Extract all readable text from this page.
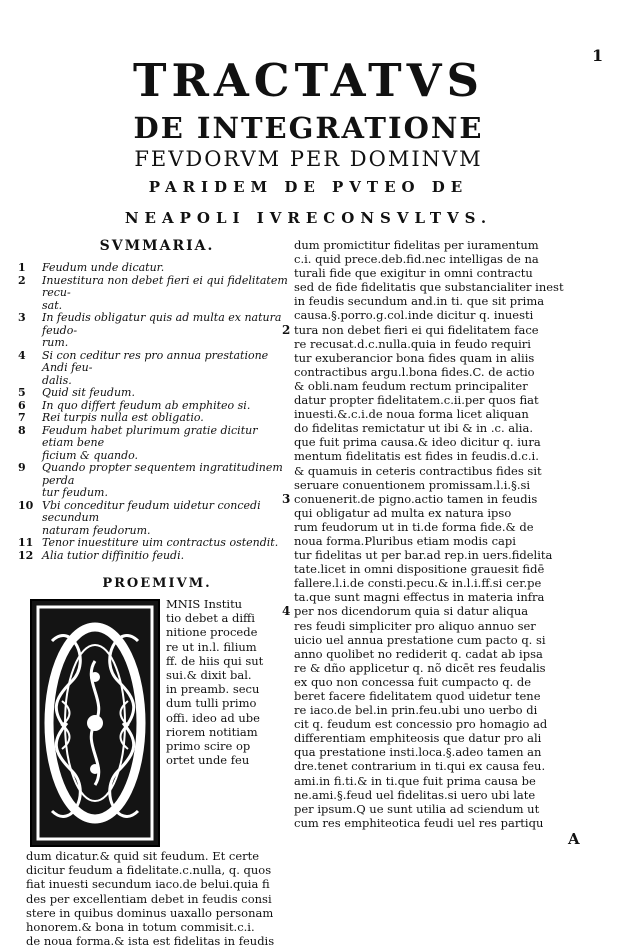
1
TRACTATVS
DE INTEGRATIONE
FEVDORVM PER DOMINVM
PARIDEM DE PVTEO DE
NEAPOLI IVRECONSVLTVS.
SVMMARIA.
1	Feudum unde dicatur.
2	Inuestitura non debet fieri ei qui fidelitatem recu-
sat.
3	In feudis obligatur quis ad multa ex natura feudo-
rum.
4	Si con ceditur res pro annua prestatione Andi feu-
dalis.
5	Quid sit feudum.
6	In quo differt feudum ab emphiteo si.
7	Rei turpis nulla est obligatio.
8	Feudum habet plurimum gratie dicitur etiam bene
ficium & quando.
9	Quando propter sequentem ingratitudinem perda
tur feudum.
10 Vbi conceditur feudum uidetur concedi secundum
naturam feudorum.
11 Tenor inuestiture uim contractus ostendit.
12 Alia tutior diffinitio feudi.
PROEMIVM.
MNIS Institu
tio debet a diffi
nitione procede
re ut in.l. filium
ff. de hiis qui sut
sui.& dixit bal.
in preamb. secu
dum tulli primo
offi. ideo ad ube
riorem notitiam
primo scire op
ortet unde feu
dum dicatur.& quid sit feudum. Et certe
dicitur feudum a fidelitate.c.nulla, q. quos
fiat inuesti secundum iaco.de belui.quia fi
des per excellentiam debet in feudis consi
stere in quibus dominus uaxallo personam
honorem.& bona in totum commisit.c.i.
de noua forma.& ista est fidelitas in feudis
dum promictitur fidelitas per iuramentum
c.i. quid prece.deb.fid.nec intelligas de na
turali fide que exigitur in omni contractu
sed de fide fidelitatis que substancialiter inest
in feudis secundum and.in ti. que sit prima
causa.§.porro.g.col.inde dicitur q. inuesti
2 tura non debet fieri ei qui fidelitatem face
re recusat.d.c.nulla.quia in feudo requiri
tur exuberancior bona fides quam in aliis
contractibus argu.l.bona fides.C. de actio
& obli.nam feudum rectum principaliter
datur propter fidelitatem.c.ii.per quos fiat
inuesti.&.c.i.de noua forma licet aliquan
do fidelitas remictatur ut ibi & in .c. alia.
que fuit prima causa.& ideo dicitur q. iura
mentum fidelitatis est fides in feudis.d.c.i.
& quamuis in ceteris contractibus fides sit
seruare conuentionem promissam.l.i.§.si
3 conuenerit.de pigno.actio tamen in feudis
qui obligatur ad multa ex natura ipso
rum feudorum ut in ti.de forma fide.& de
noua forma.Pluribus etiam modis capi
tur fidelitas ut per bar.ad rep.in uers.fidelita
tate.licet in omni dispositione grauesit fidē
fallere.l.i.de consti.pecu.& in.l.i.ff.si cer.pe
ta.que sunt magni effectus in materia infra
4 per nos dicendorum quia si datur aliqua
res feudi simpliciter pro aliquo annuo ser
uicio uel annua prestatione cum pacto q. si
anno quolibet no rediderit q. cadat ab ipsa
re & dño applicetur q. nõ dicēt res feudalis
ex quo non concessa fuit cumpacto q. de
beret facere fidelitatem quod uidetur tene
re iaco.de bel.in prin.feu.ubi uno uerbo di
cit q. feudum est concessio pro homagio ad
differentiam emphiteosis que datur pro ali
qua prestatione insti.loca.§.adeo tamen an
dre.tenet contrarium in ti.qui ex causa feu.
ami.in fi.ti.& in ti.que fuit prima causa be
ne.ami.§.feud uel fidelitas.si uero ubi late
per ipsum.Q ue sunt utilia ad sciendum ut
cum res emphiteotica feudi uel res partiqu
A
